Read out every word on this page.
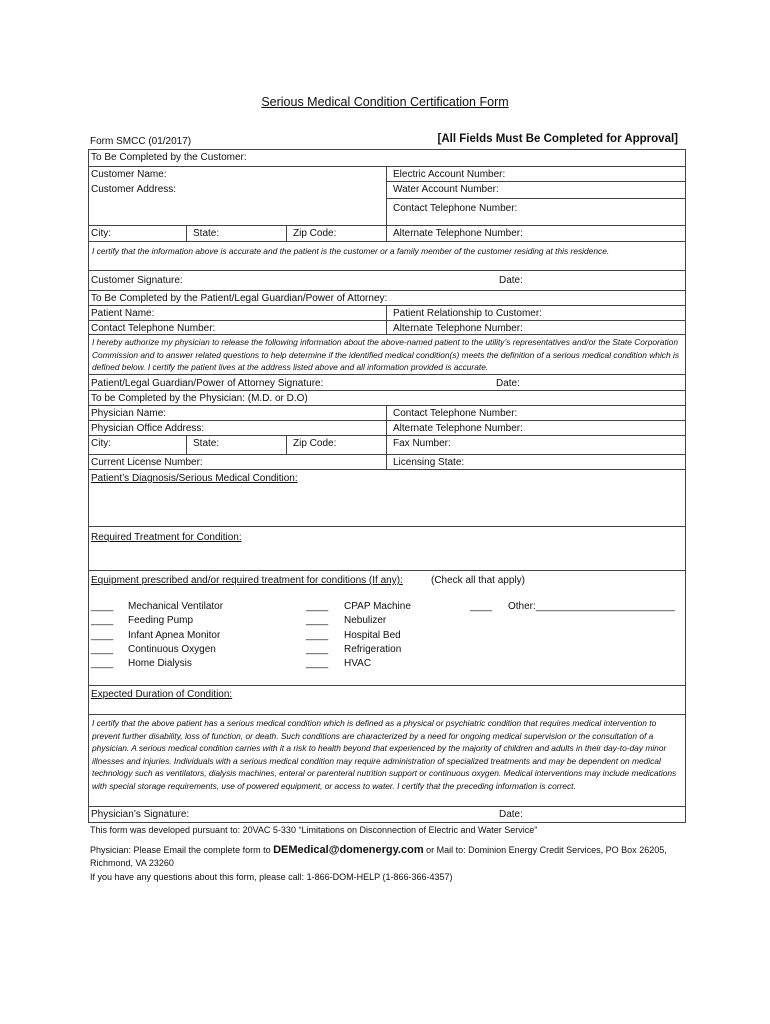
Serious Medical Condition Certification Form
Form SMCC (01/2017)	[All Fields Must Be Completed for Approval]
To Be Completed by the Customer:
Customer Name:	Electric Account Number:
Water Account Number:
Customer Address:
Contact Telephone Number:
City:	State:	Zip Code:	Alternate Telephone Number:
I certify that the information above is accurate and the patient is the customer or a family member of the customer residing at this residence.
Customer Signature:	Date:
To Be Completed by the Patient/Legal Guardian/Power of Attorney:
Patient Name:	Patient Relationship to Customer:
Contact Telephone Number:	Alternate Telephone Number:
I hereby authorize my physician to release the following information about the above-named patient to the utility’s representatives and/or the State Corporation Commission and to answer related questions to help determine if the identified medical condition(s) meets the definition of a serious medical condition which is defined below. I certify the patient lives at the address listed above and all information provided is accurate.
Patient/Legal Guardian/Power of Attorney Signature:	Date:
To be Completed by the Physician: (M.D. or D.O)
Physician Name:	Contact Telephone Number:
Physician Office Address:	Alternate Telephone Number:
City:	State:	Zip Code:	Fax Number:
Current License Number:	Licensing State:
Patient’s Diagnosis/Serious Medical Condition:
Required Treatment for Condition:
Equipment prescribed and/or required treatment for conditions (If any):	(Check all that apply)
Expected Duration of Condition:
I certify that the above patient has a serious medical condition which is defined as a physical or psychiatric condition that requires medical intervention to prevent further disability, loss of function, or death. Such conditions are characterized by a need for ongoing medical supervision or the consultation of a physician. A serious medical condition carries with it a risk to health beyond that experienced by the majority of children and adults in their day-to-day minor illnesses and injuries. Individuals with a serious medical condition may require administration of specialized treatments and may be dependent on medical technology such as ventilators, dialysis machines, enteral or parenteral nutrition support or continuous oxygen. Medical interventions may include medications with special storage requirements, use of powered equipment, or access to water. I certify that the preceding information is correct.
Physician’s Signature:	Date:
____ Mechanical Ventilator
____ Feeding Pump
____ Infant Apnea Monitor
____ Continuous Oxygen
____ Home Dialysis
____ CPAP Machine
____ Nebulizer
____ Hospital Bed
____ Refrigeration
____ HVAC
____ Other:_________________________
This form was developed pursuant to: 20VAC 5-330 “Limitations on Disconnection of Electric and Water Service”
Physician: Please Email the complete form to DEMedical@domenergy.com or Mail to: Dominion Energy Credit Services, PO Box 26205,
Richmond, VA 23260
If you have any questions about this form, please call: 1-866-DOM-HELP (1-866-366-4357)
